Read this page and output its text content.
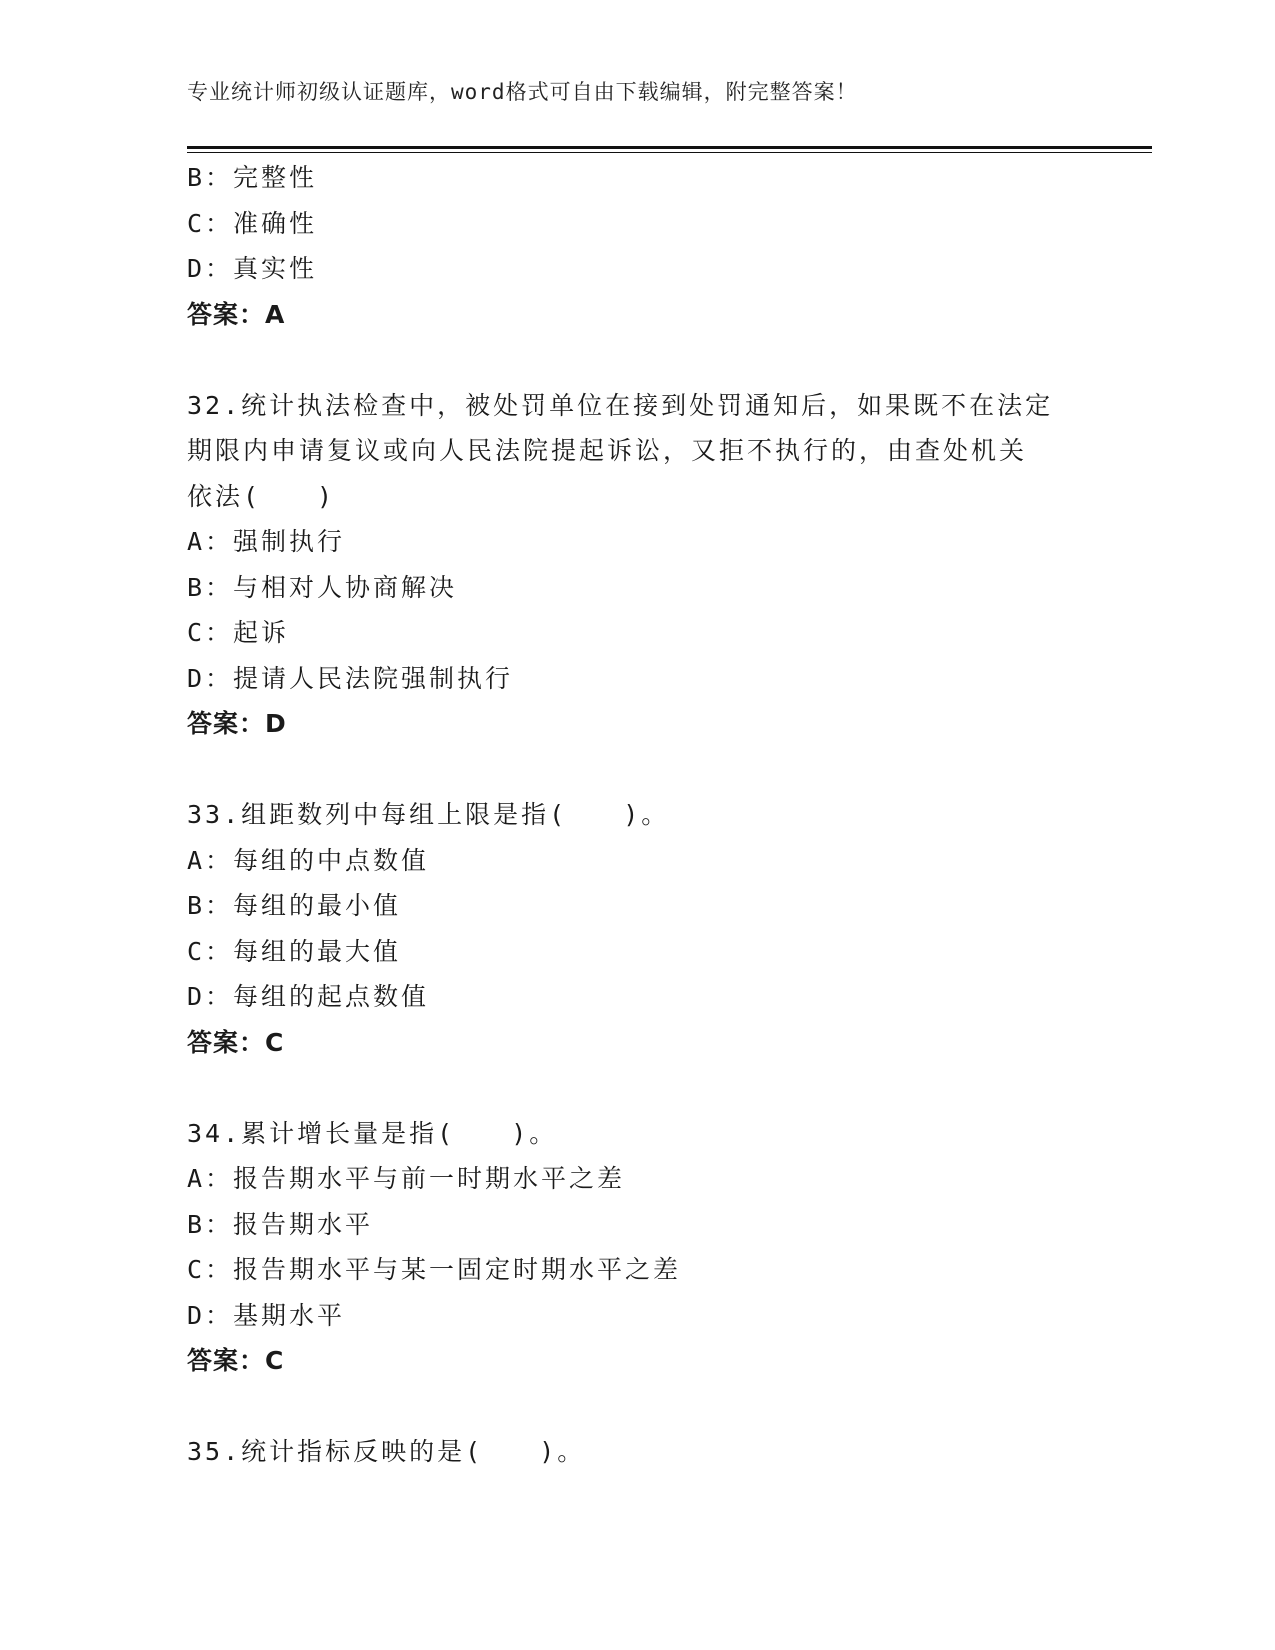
专业统计师初级认证题库，word格式可自由下载编辑，附完整答案！
B：完整性
C：准确性
D：真实性
答案：A
32.统计执法检查中，被处罚单位在接到处罚通知后，如果既不在法定
期限内申请复议或向人民法院提起诉讼，又拒不执行的，由查处机关
依法(　　)
A：强制执行
B：与相对人协商解决
C：起诉
D：提请人民法院强制执行
答案：D
33.组距数列中每组上限是指(　　)。
A：每组的中点数值
B：每组的最小值
C：每组的最大值
D：每组的起点数值
答案：C
34.累计增长量是指(　　)。
A：报告期水平与前一时期水平之差
B：报告期水平
C：报告期水平与某一固定时期水平之差
D：基期水平
答案：C
35.统计指标反映的是(　　)。
